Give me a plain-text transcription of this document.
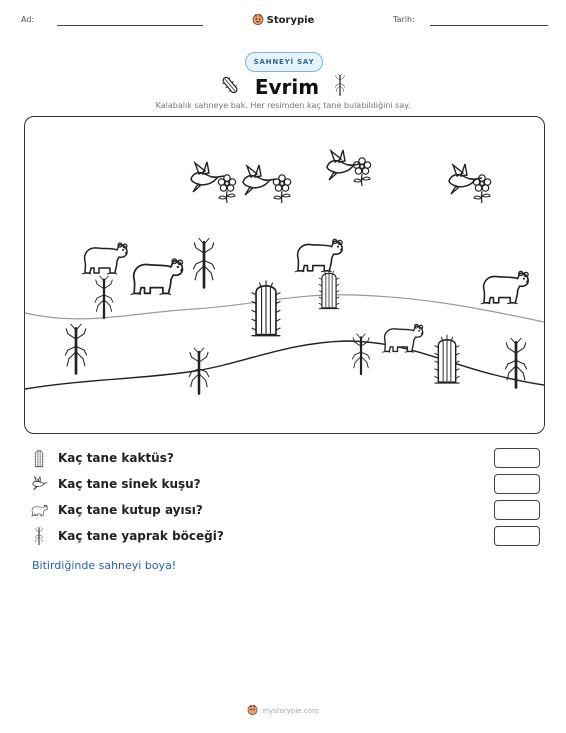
Ad:	Storypie	Tarih:
SAHNEYİ SAY
Evrim
Kalabalık sahneye bak. Her resimden kaç tane bulabildiğini say.
Kaç tane kaktüs?
Kaç tane sinek kuşu?
Kaç tane kutup ayısı?
Kaç tane yaprak böceği?
Bitirdiğinde sahneyi boya!
mystorypie.com
